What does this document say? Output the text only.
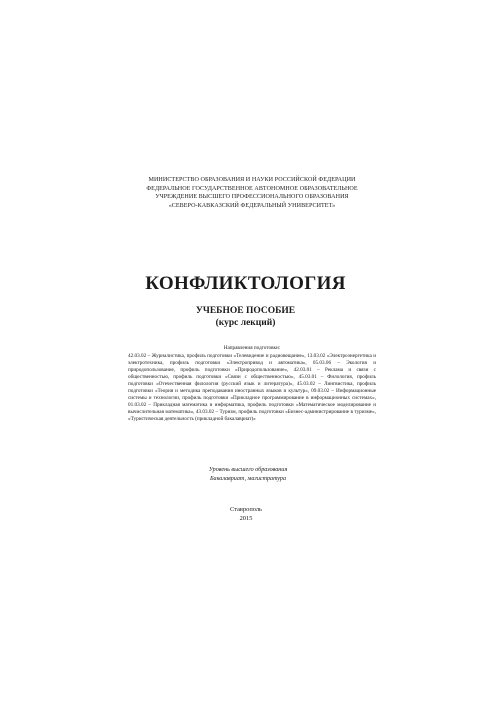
МИНИСТЕРСТВО ОБРАЗОВАНИЯ И НАУКИ РОССИЙСКОЙ ФЕДЕРАЦИИ
ФЕДЕРАЛЬНОЕ ГОСУДАРСТВЕННОЕ АВТОНОМНОЕ ОБРАЗОВАТЕЛЬНОЕ
УЧРЕЖДЕНИЕ ВЫСШЕГО ПРОФЕССИОНАЛЬНОГО ОБРАЗОВАНИЯ
«СЕВЕРО-КАВКАЗСКИЙ ФЕДЕРАЛЬНЫЙ УНИВЕРСИТЕТ»
КОНФЛИКТОЛОГИЯ
УЧЕБНОЕ ПОСОБИЕ
(курс лекций)
Направления подготовки:
42.03.02 – Журналистика, профиль подготовки «Телевидение и радиовещание», 13.03.02 «Электроэнергетика и электротехника, профиль подготовки «Электропривод и автоматика», 05.03.06 – Экология и природопользование, профиль подготовки «Природопользование», 42.03.01 – Реклама и связи с общественностью, профиль подготовки «Связи с общественностью», 45.03.01 – Филология, профиль подготовки «Отечественная филология (русский язык и литература)», 45.03.02 – Лингвистика, профиль подготовки «Теория и методика преподавания иностранных языков и культур», 09.03.02 – Информационные системы и технологии, профиль подготовки «Прикладное программирование в информационных системах», 01.03.02 – Прикладная математика и информатика, профиль подготовки «Математическое моделирование и вычислительная математика», 43.03.02 – Туризм, профиль подготовки «Бизнес-администрирование в туризме», «Туристическая деятельность (прикладной бакалавриат)»
Уровень высшего образования
Бакалавриат, магистратура
Ставрополь
2015
